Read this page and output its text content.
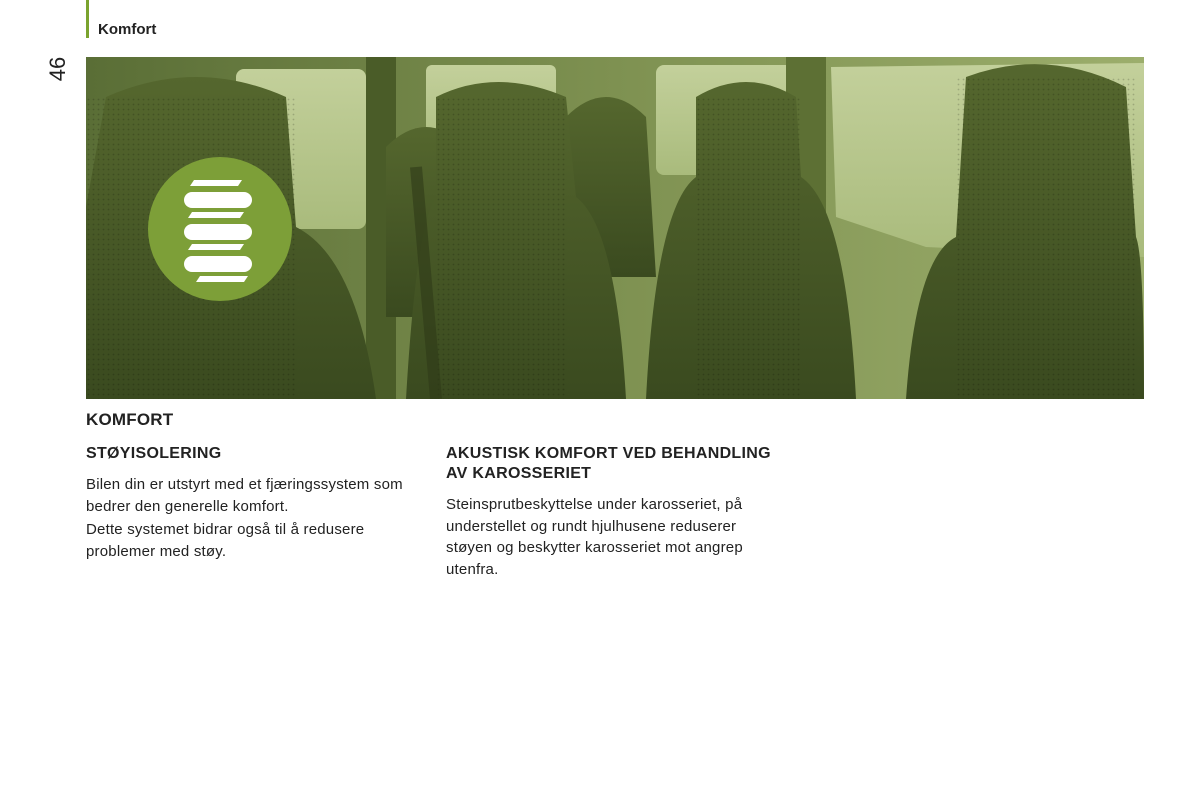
46
Komfort
KOMFORT
STØYISOLERING

Bilen din er utstyrt med et fjæringssystem som bedrer den generelle komfort.

Dette systemet bidrar også til å redusere problemer med støy.

AKUSTISK KOMFORT VED BEHANDLING AV KAROSSERIET

Steinsprutbeskyttelse under karosseriet, på understellet og rundt hjulhusene reduserer støyen og beskytter karosseriet mot angrep utenfra.
